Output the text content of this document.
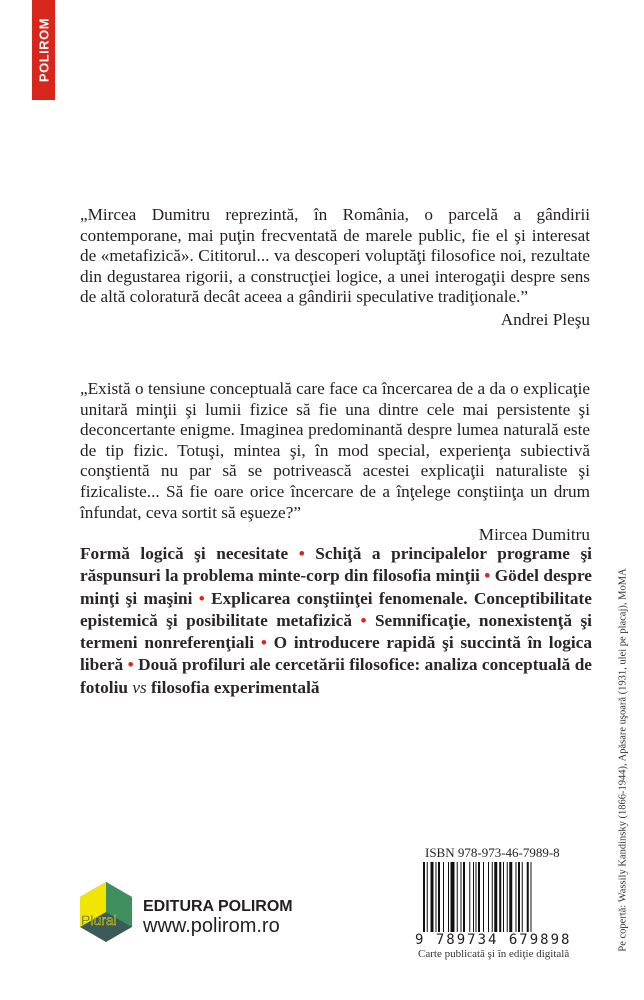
POLIROM
„Mircea Dumitru reprezintă, în România, o parcelă a gândirii contemporane, mai puţin frecventată de marele public, fie el şi interesat de «metafizică». Cititorul... va descoperi voluptăţi filosofice noi, rezultate din degustarea rigorii, a construcţiei logice, a unei interogaţii despre sens de altă coloratură decât aceea a gândirii speculative tradiţionale.”
Andrei Pleşu
„Există o tensiune conceptuală care face ca încercarea de a da o explicaţie unitară minţii şi lumii fizice să fie una dintre cele mai persistente şi deconcertante enigme. Imaginea predominantă despre lumea naturală este de tip fizic. Totuşi, mintea şi, în mod special, experienţa subiectivă conştientă nu par să se potrivească acestei explicaţii naturaliste şi fizicaliste... Să fie oare orice încercare de a înţelege conştiinţa un drum înfundat, ceva sortit să eşueze?”
Mircea Dumitru
Formă logică şi necesitate • Schiţă a principalelor programe şi răspunsuri la problema minte-corp din filosofia minţii • Gödel despre minţi şi maşini • Explicarea conştiinţei fenomenale. Conceptibilitate epistemică şi posibilitate metafizică • Semnificaţie, nonexistenţă şi termeni nonreferenţiali • O introducere rapidă şi succintă în logica liberă • Două profiluri ale cercetării filosofice: analiza conceptuală de fotoliu vs filosofia experimentală	Pe copertă: Wassily Kandinsky (1866-1944), Apăsare uşoară (1931, ulei pe placaj), MoMA
Plural
EDITURA POLIROM
www.polirom.ro
ISBN 978-973-46-7989-8
9 789734 679898
Carte publicată şi în ediţie digitală
